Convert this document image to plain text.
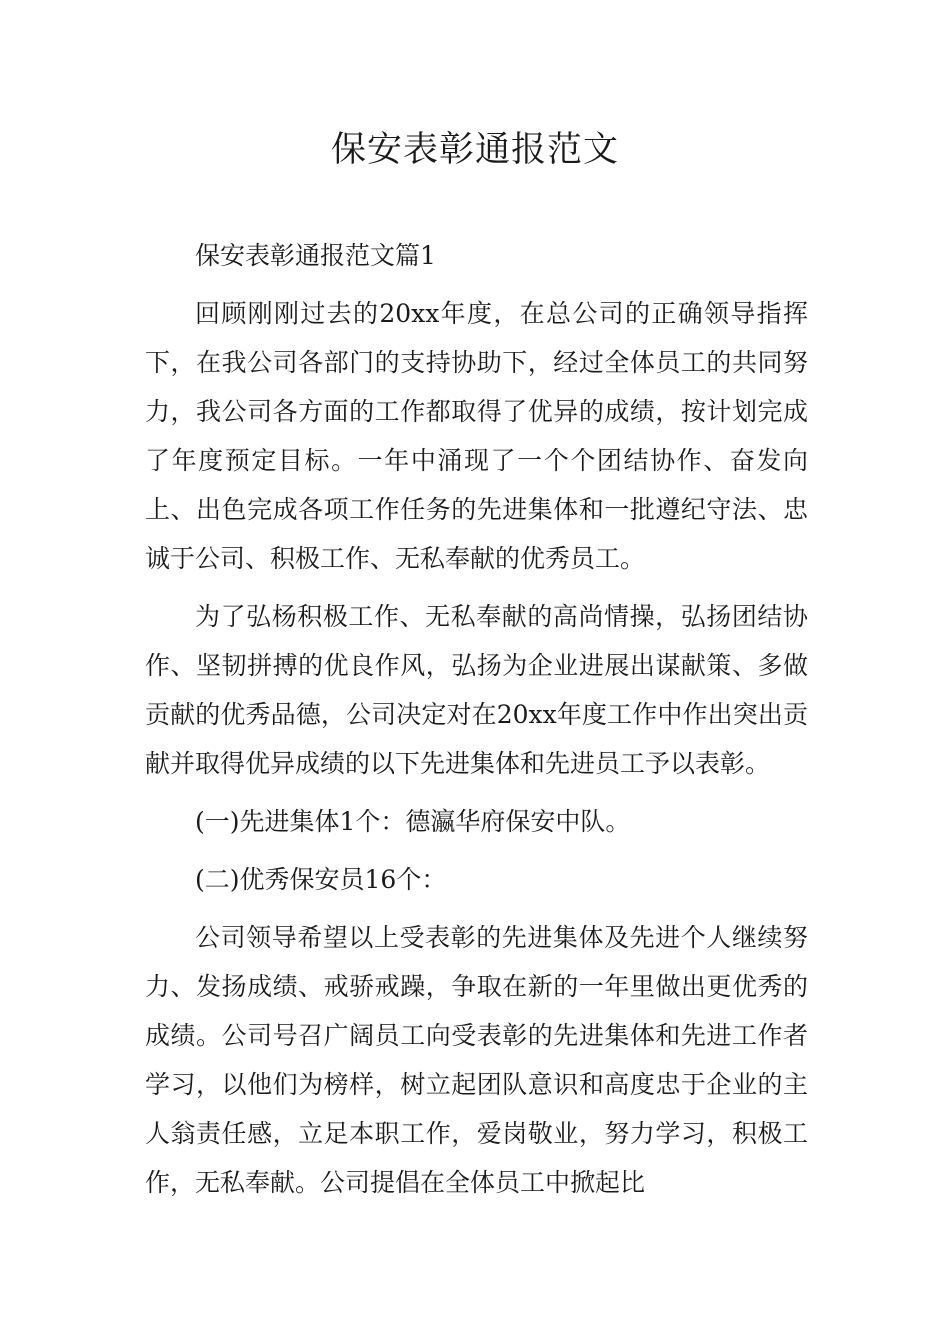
保安表彰通报范文

保安表彰通报范文篇1

回顾刚刚过去的20xx年度，在总公司的正确领导指挥下，在我公司各部门的支持协助下，经过全体员工的共同努力，我公司各方面的工作都取得了优异的成绩，按计划完成了年度预定目标。一年中涌现了一个个团结协作、奋发向上、出色完成各项工作任务的先进集体和一批遵纪守法、忠诚于公司、积极工作、无私奉献的优秀员工。

为了弘杨积极工作、无私奉献的高尚情操，弘扬团结协作、坚韧拼搏的优良作风，弘扬为企业进展出谋献策、多做贡献的优秀品德，公司决定对在20xx年度工作中作出突出贡献并取得优异成绩的以下先进集体和先进员工予以表彰。

(一)先进集体1个：德瀛华府保安中队。

(二)优秀保安员16个：

公司领导希望以上受表彰的先进集体及先进个人继续努力、发扬成绩、戒骄戒躁，争取在新的一年里做出更优秀的成绩。公司号召广阔员工向受表彰的先进集体和先进工作者学习，以他们为榜样，树立起团队意识和高度忠于企业的主人翁责任感，立足本职工作，爱岗敬业，努力学习，积极工作，无私奉献。公司提倡在全体员工中掀起比
